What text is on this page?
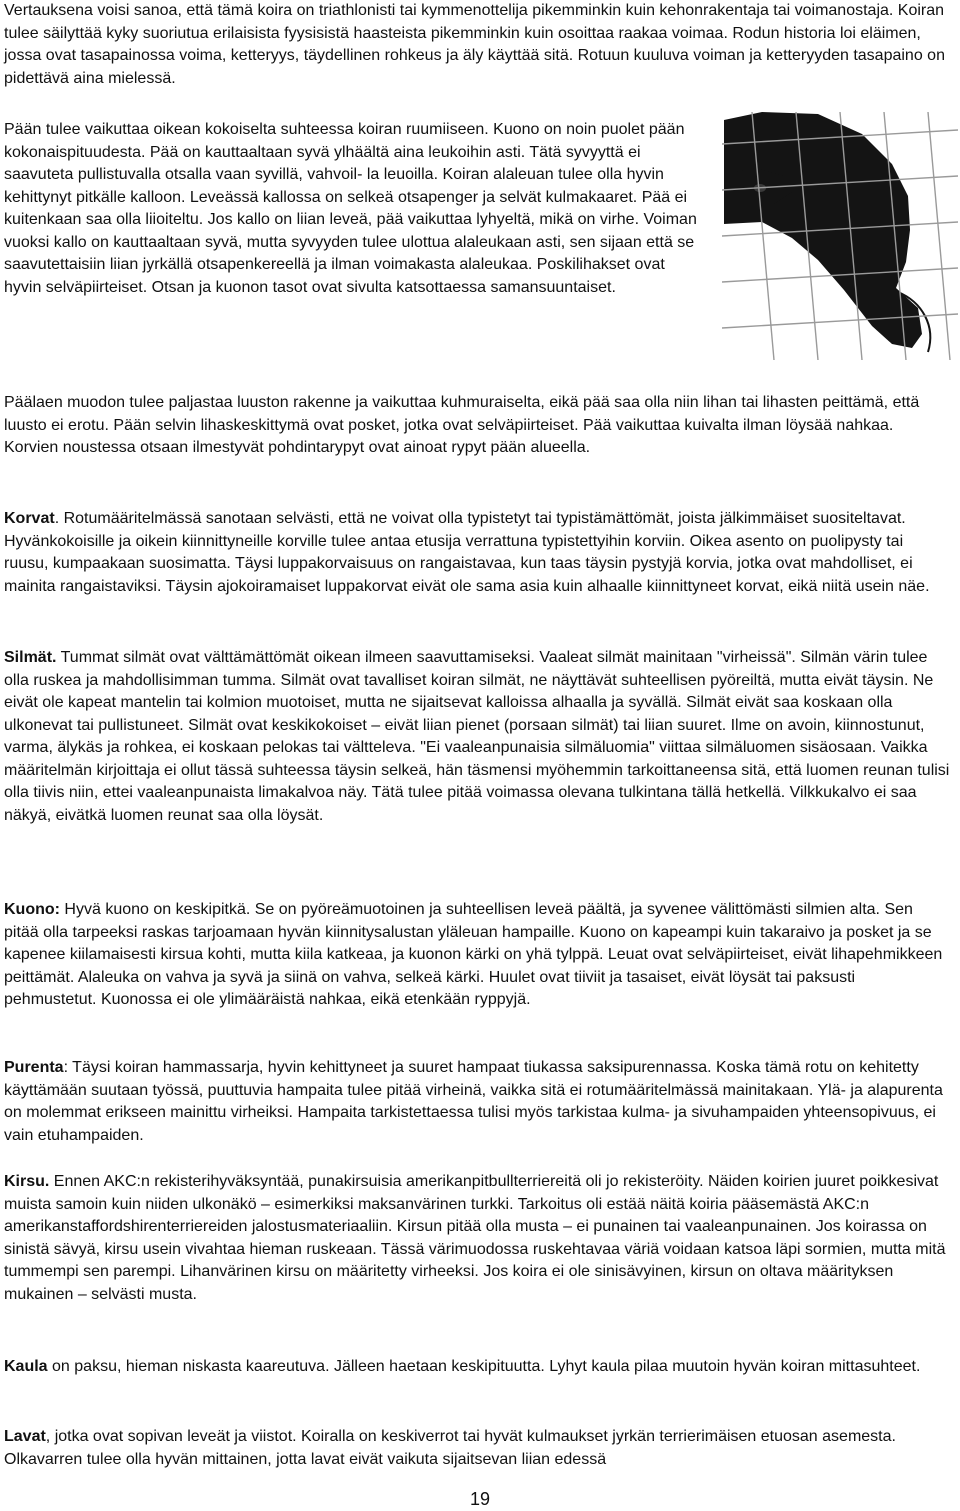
Vertauksena voisi sanoa, että tämä koira on triathlonisti tai kymmenottelija pikemminkin kuin kehonrakentaja tai voimanostaja. Koiran tulee säilyttää kyky suoriutua erilaisista fyysisistä haasteista pikemminkin kuin osoittaa raakaa voimaa. Rodun historia loi eläimen, jossa ovat tasapainossa voima, ketteryys, täydellinen rohkeus ja äly käyttää sitä. Rotuun kuuluva voiman ja ketteryyden tasapaino on pidettävä aina mielessä.

Pään tulee vaikuttaa oikean kokoiselta suhteessa koiran ruumiiseen. Kuono on noin puolet pään kokonaispituudesta. Pää on kauttaaltaan syvä ylhäältä aina leukoihin asti. Tätä syvyyttä ei saavuteta pullistuvalla otsalla vaan syvillä, vahvoil- la leuoilla. Koiran alaleuan tulee olla hyvin kehittynyt pitkälle kalloon. Leveässä kallossa on selkeä otsapenger ja selvät kulmakaaret. Pää ei kuitenkaan saa olla liioiteltu. Jos kallo on liian leveä, pää vaikuttaa lyhyeltä, mikä on virhe. Voiman vuoksi kallo on kauttaaltaan syvä, mutta syvyyden tulee ulottua alaleukaan asti, sen sijaan että se saavutettaisiin liian jyrkällä otsapenkereellä ja ilman voimakasta alaleukaa. Poskilihakset ovat hyvin selväpiirteiset. Otsan ja kuonon tasot ovat sivulta katsottaessa samansuuntaiset.

Päälaen muodon tulee paljastaa luuston rakenne ja vaikuttaa kuhmuraiselta, eikä pää saa olla niin lihan tai lihasten peittämä, että luusto ei erotu. Pään selvin lihaskeskittymä ovat posket, jotka ovat selväpiirteiset. Pää vaikuttaa kuivalta ilman löysää nahkaa. Korvien noustessa otsaan ilmestyvät pohdintarypyt ovat ainoat rypyt pään alueella.

Korvat. Rotumääritelmässä sanotaan selvästi, että ne voivat olla typistetyt tai typistämättömät, joista jälkimmäiset suositeltavat. Hyvänkokoisille ja oikein kiinnittyneille korville tulee antaa etusija verrattuna typistettyihin korviin. Oikea asento on puolipysty tai ruusu, kumpaakaan suosimatta. Täysi luppakorvaisuus on rangaistavaa, kun taas täysin pystyjä korvia, jotka ovat mahdolliset, ei mainita rangaistaviksi. Täysin ajokoiramaiset luppakorvat eivät ole sama asia kuin alhaalle kiinnittyneet korvat, eikä niitä usein näe.

Silmät. Tummat silmät ovat välttämättömät oikean ilmeen saavuttamiseksi. Vaaleat silmät mainitaan "virheissä". Silmän värin tulee olla ruskea ja mahdollisimman tumma. Silmät ovat tavalliset koiran silmät, ne näyttävät suhteellisen pyöreiltä, mutta eivät täysin. Ne eivät ole kapeat mantelin tai kolmion muotoiset, mutta ne sijaitsevat kalloissa alhaalla ja syvällä. Silmät eivät saa koskaan olla ulkonevat tai pullistuneet. Silmät ovat keskikokoiset – eivät liian pienet (porsaan silmät) tai liian suuret. Ilme on avoin, kiinnostunut, varma, älykäs ja rohkea, ei koskaan pelokas tai vältteleva. "Ei vaaleanpunaisia silmäluomia" viittaa silmäluomen sisäosaan. Vaikka määritelmän kirjoittaja ei ollut tässä suhteessa täysin selkeä, hän täsmensi myöhemmin tarkoittaneensa sitä, että luomen reunan tulisi olla tiivis niin, ettei vaaleanpunaista limakalvoa näy. Tätä tulee pitää voimassa olevana tulkintana tällä hetkellä. Vilkkukalvo ei saa näkyä, eivätkä luomen reunat saa olla löysät.

Kuono: Hyvä kuono on keskipitkä. Se on pyöreämuotoinen ja suhteellisen leveä päältä, ja syvenee välittömästi silmien alta. Sen pitää olla tarpeeksi raskas tarjoamaan hyvän kiinnitysalustan yläleuan hampaille. Kuono on kapeampi kuin takaraivo ja posket ja se kapenee kiilamaisesti kirsua kohti, mutta kiila katkeaa, ja kuonon kärki on yhä tylppä. Leuat ovat selväpiirteiset, eivät lihapehmikkeen peittämät. Alaleuka on vahva ja syvä ja siinä on vahva, selkeä kärki. Huulet ovat tiiviit ja tasaiset, eivät löysät tai paksusti pehmustetut. Kuonossa ei ole ylimääräistä nahkaa, eikä etenkään ryppyjä.

Purenta: Täysi koiran hammassarja, hyvin kehittyneet ja suuret hampaat tiukassa saksipurennassa. Koska tämä rotu on kehitetty käyttämään suutaan työssä, puuttuvia hampaita tulee pitää virheinä, vaikka sitä ei rotumääritelmässä mainitakaan. Ylä- ja alapurenta on molemmat erikseen mainittu virheiksi. Hampaita tarkistettaessa tulisi myös tarkistaa kulma- ja sivuhampaiden yhteensopivuus, ei vain etuhampaiden.

Kirsu. Ennen AKC:n rekisterihyväksyntää, punakirsuisia amerikanpitbullterriereitä oli jo rekisteröity. Näiden koirien juuret poikkesivat muista samoin kuin niiden ulkonäkö – esimerkiksi maksanvärinen turkki. Tarkoitus oli estää näitä koiria pääsemästä AKC:n amerikanstaffordshirenterriereiden jalostusmateriaaliin. Kirsun pitää olla musta – ei punainen tai vaaleanpunainen. Jos koirassa on sinistä sävyä, kirsu usein vivahtaa hieman ruskeaan. Tässä värimuodossa ruskehtavaa väriä voidaan katsoa läpi sormien, mutta mitä tummempi sen parempi. Lihanvärinen kirsu on määritetty virheeksi. Jos koira ei ole sinisävyinen, kirsun on oltava määrityksen mukainen – selvästi musta.

Kaula on paksu, hieman niskasta kaareutuva. Jälleen haetaan keskipituutta. Lyhyt kaula pilaa muutoin hyvän koiran mittasuhteet.

Lavat, jotka ovat sopivan leveät ja viistot. Koiralla on keskiverrot tai hyvät kulmaukset jyrkän terrierimäisen etuosan asemesta. Olkavarren tulee olla hyvän mittainen, jotta lavat eivät vaikuta sijaitsevan liian edessä

19
